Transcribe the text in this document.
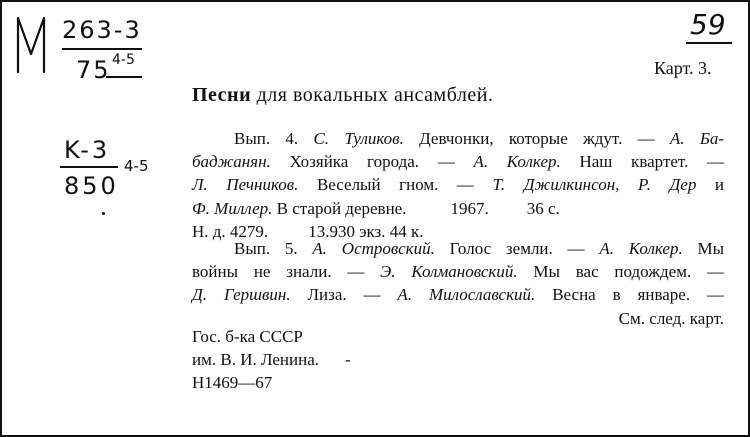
263-3
75 4-5
K-3
850
4-5
59
Карт. 3.
Песни для вокальных ансамблей.
Вып. 4. С. Туликов. Девчонки, которые ждут. — А. Ба-
баджанян. Хозяйка города. — А. Колкер. Наш квартет. —
Л. Печников. Веселый гном. — Т. Джилкинсон, Р. Дер и
Ф. Миллер. В старой деревне.	1967. 36 с.
Н. д. 4279. 13.930 экз. 44 к.
Вып. 5. А. Островский. Голос земли. — А. Колкер. Мы
войны не знали. — Э. Колмановский. Мы вас подождем. —
Д. Гершвин. Лиза. — А. Милославский. Весна в январе. —
См. след. карт.
Гос. б-ка СССР
им. В. И. Ленина. -
Н1469—67
